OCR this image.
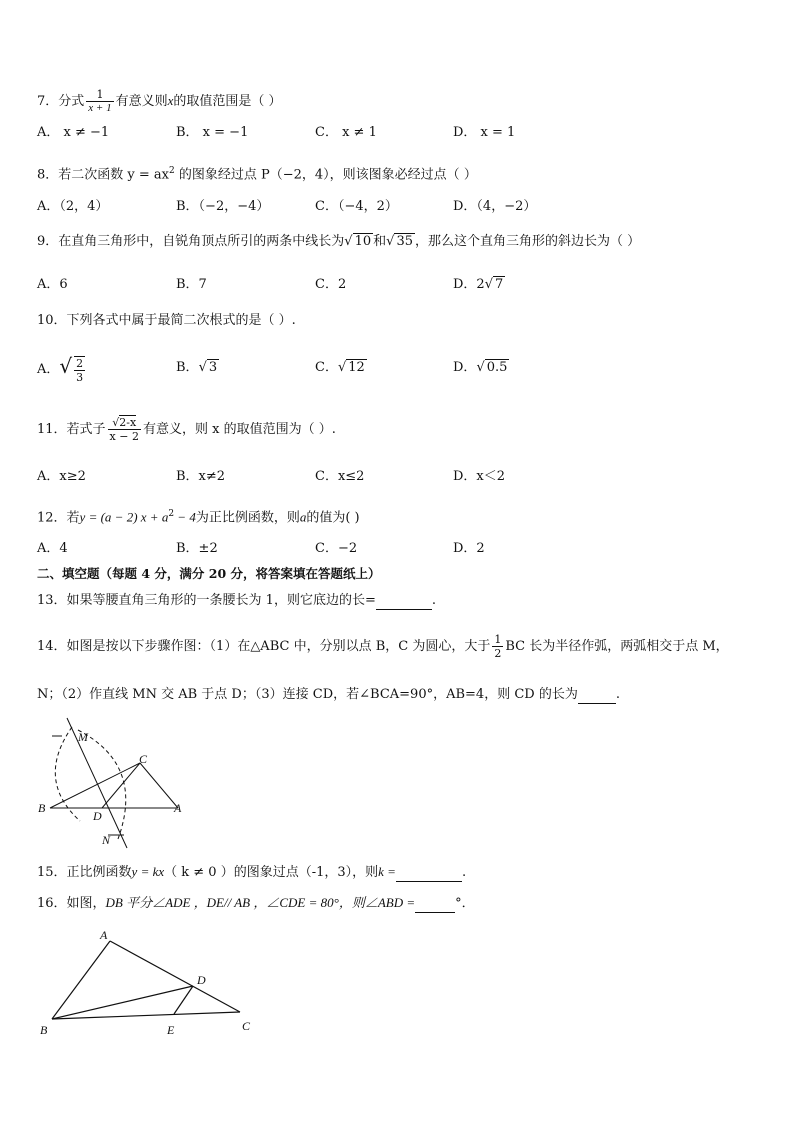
7．分式 $\frac{1}{x + 1}$ 有意义则x的取值范围是（ ）
A． x ≠ −1	B． x = −1	C． x ≠ 1	D． x = 1
8．若二次函数 $y = ax^2$ 的图象经过点 P（−2，4），则该图象必经过点（ ）
A．（2，4）	B．（−2，−4）	C．（−4，2）	D．（4，−2）
9．在直角三角形中，自锐角顶点所引的两条中线长为√ 10 和√ 35 ，那么这个直角三角形的斜边长为（ ）
A．6	B．7	C．2	D．2√ 7
10．下列各式中属于最简二次根式的是（ ）.
A．√ $\frac{2}{3}$	B．√ 3	C．√ 12	D．√ 0.5
11．若式子 $\frac{√2-x}{x - 2}$ 有意义，则 x 的取值范围为（ ）.
A．x≥2	B．x≠2	C．x≤2	D．x＜2
12．若y = (a − 2) $x + a^2 - 4$为正比例函数，则a的值为( )
A．4	B．±2	C．−2	D．2
二、填空题（每题 4 分，满分 20 分，将答案填在答题纸上）
13．如果等腰直角三角形的一条腰长为 1，则它底边的长=	.
14．如图是按以下步骤作图：（1）在△ABC 中，分别以点 B，C 为圆心，大于 $\frac{1}{2}$ BC 长为半径作弧，两弧相交于点 M，
N；（2）作直线 MN 交 AB 于点 D；（3）连接 CD，若∠BCA=90°，AB=4，则 CD 的长为	.
M
C
B	A
D
N
15．正比例函数y = kx（ k ≠ 0 ）的图象过点（-1，3），则k =	.
16．如图，DB 平分∠ADE ，DE// AB ，∠CDE = 80°，则∠ABD =	°．
A
D
B	E	C
